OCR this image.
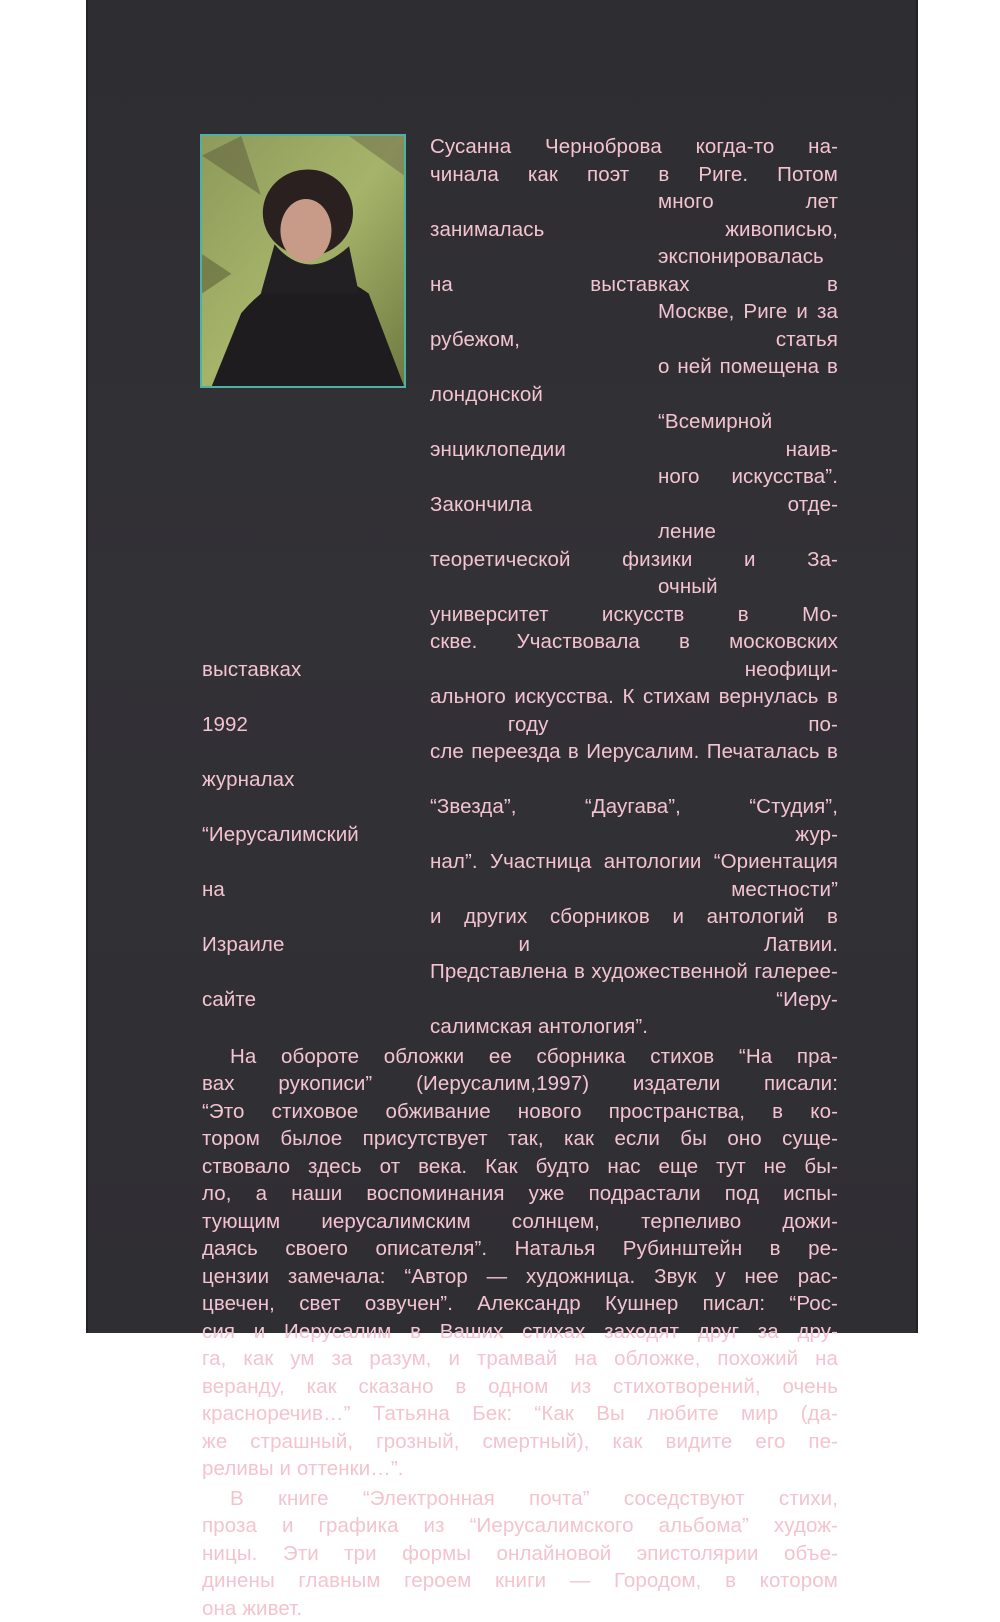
Сусанна Черноброва когда-то на-
чинала как поэт в Риге. Потом
много лет занималась живописью,
экспонировалась на выставках в
Москве, Риге и за рубежом, статья
о ней помещена в лондонской
“Всемирной энциклопедии наив-
ного искусства”. Закончила отде-
ление теоретической физики и За-
очный университет искусств в Мо-
скве. Участвовала в московских выставках неофици-
ального искусства. К стихам вернулась в 1992 году по-
сле переезда в Иерусалим. Печаталась в журналах
“Звезда”, “Даугава”, “Студия”, “Иерусалимский жур-
нал”. Участница антологии “Ориентация на местности”
и других сборников и антологий в Израиле и Латвии.
Представлена в художественной галерее-сайте “Иеру-
салимская антология”.

На обороте обложки ее сборника стихов “На пра-
вах рукописи” (Иерусалим,1997) издатели писали:
“Это стиховое обживание нового пространства, в ко-
тором былое присутствует так, как если бы оно суще-
ствовало здесь от века. Как будто нас еще тут не бы-
ло, а наши воспоминания уже подрастали под испы-
тующим иерусалимским солнцем, терпеливо дожи-
даясь своего описателя”. Наталья Рубинштейн в ре-
цензии замечала: “Автор — художница. Звук у нее рас-
цвечен, свет озвучен”. Александр Кушнер писал: “Рос-
сия и Иерусалим в Ваших стихах заходят друг за дру-
га, как ум за разум, и трамвай на обложке, похожий на
веранду, как сказано в одном из стихотворений, очень
красноречив…” Татьяна Бек: “Как Вы любите мир (да-
же страшный, грозный, смертный), как видите его пе-
реливы и оттенки…”.

В книге “Электронная почта” соседствуют стихи,
проза и графика из “Иерусалимского альбома” худож-
ницы. Эти три формы онлайновой эпистолярии объе-
динены главным героем книги — Городом, в котором
она живет.
